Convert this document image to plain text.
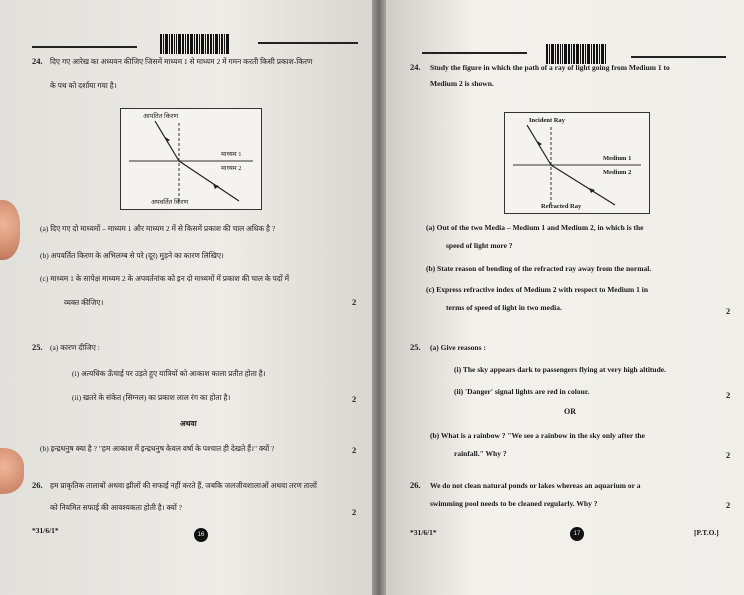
24. दिए गए आरेख का अध्ययन कीजिए जिसमें माध्यम 1 से माध्यम 2 में गमन करती किसी प्रकाश-किरण
के पथ को दर्शाया गया है।
आपतित किरण
माध्यम 1
माध्यम 2
अपवर्तित किरण
(a) दिए गए दो माध्यमों – माध्यम 1 और माध्यम 2 में से किसमें प्रकाश की चाल अधिक है ?
(b) अपवर्तित किरण के अभिलम्ब से परे (दूर) मुड़ने का कारण लिखिए।
(c) माध्यम 1 के सापेक्ष माध्यम 2 के अपवर्तनांक को इन दो माध्यमों में प्रकाश की चाल के पदों में
व्यक्त कीजिए।	2
25. (a) कारण दीजिए :
(i) अत्यधिक ऊँचाई पर उड़ते हुए यात्रियों को आकाश काला प्रतीत होता है।
(ii) खतरे के संकेत (सिग्नल) का प्रकाश लाल रंग का होता है।	2
अथवा
(b) इन्द्रधनुष क्या है ? "हम आकाश में इन्द्रधनुष केवल वर्षा के पश्चात ही देखते हैं।" क्यों ?	2
26. हम प्राकृतिक तालाबों अथवा झीलों की सफाई नहीं करते हैं, जबकि जलजीवशालाओं अथवा तरण तालों
को नियमित सफाई की आवश्यकता होती है। क्यों ?	2
*31/6/1*	16
24. Study the figure in which the path of a ray of light going from Medium 1 to
Medium 2 is shown.
Incident Ray
Medium 1
Medium 2
Refracted Ray
(a) Out of the two Media – Medium 1 and Medium 2, in which is the
speed of light more ?
(b) State reason of bending of the refracted ray away from the normal.
(c) Express refractive index of Medium 2 with respect to Medium 1 in
terms of speed of light in two media.	2
25. (a) Give reasons :
(i) The sky appears dark to passengers flying at very high altitude.
(ii) 'Danger' signal lights are red in colour.	2
OR
(b) What is a rainbow ? "We see a rainbow in the sky only after the
rainfall." Why ?	2
26. We do not clean natural ponds or lakes whereas an aquarium or a
swimming pool needs to be cleaned regularly. Why ?	2
*31/6/1*	17	[P.T.O.]
